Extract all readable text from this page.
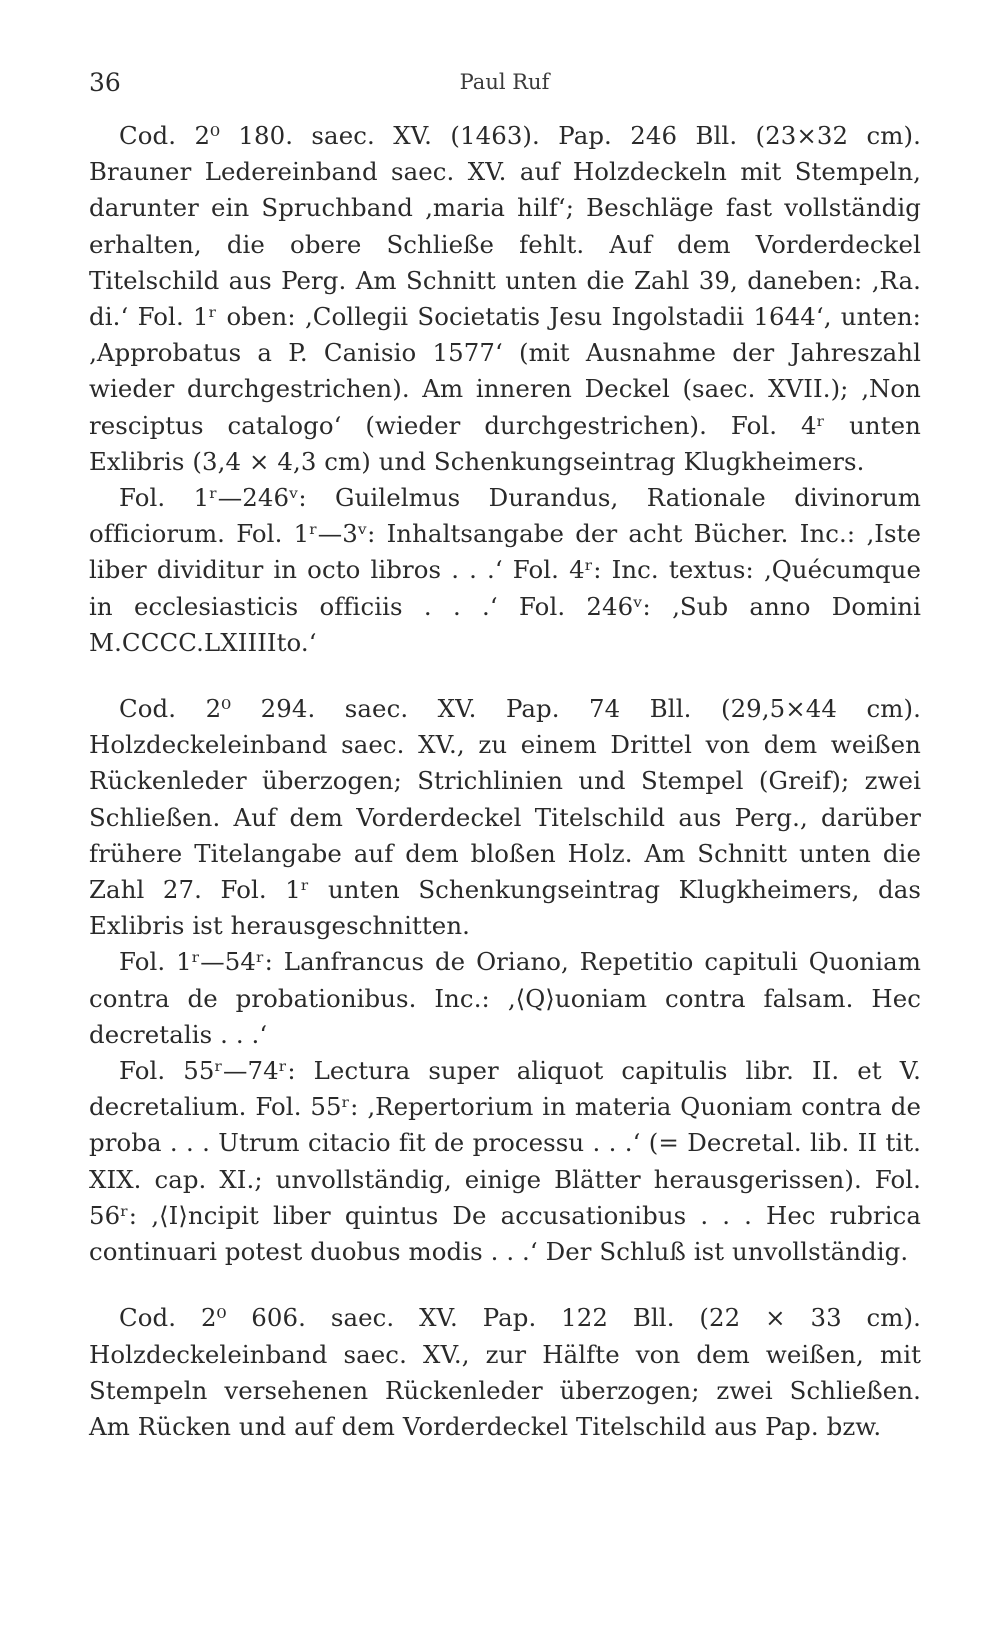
36	Paul Ruf

Cod. 2⁰ 180. saec. XV. (1463). Pap. 246 Bll. (23×32 cm). Brauner Ledereinband saec. XV. auf Holzdeckeln mit Stempeln, darunter ein Spruchband ‚maria hilf‘; Beschläge fast vollständig erhalten, die obere Schließe fehlt. Auf dem Vorderdeckel Titelschild aus Perg. Am Schnitt unten die Zahl 39, daneben: ‚Ra. di.‘ Fol. 1ʳ oben: ‚Collegii Societatis Jesu Ingolstadii 1644‘, unten: ‚Approbatus a P. Canisio 1577‘ (mit Ausnahme der Jahreszahl wieder durchgestrichen). Am inneren Deckel (saec. XVII.); ‚Non resciptus catalogo‘ (wieder durchgestrichen). Fol. 4ʳ unten Exlibris (3,4 × 4,3 cm) und Schenkungseintrag Klugkheimers.

Fol. 1ʳ—246ᵛ: Guilelmus Durandus, Rationale divinorum officiorum. Fol. 1ʳ—3ᵛ: Inhaltsangabe der acht Bücher. Inc.: ‚Iste liber dividitur in octo libros . . .‘ Fol. 4ʳ: Inc. textus: ‚Quécumque in ecclesiasticis officiis . . .‘ Fol. 246ᵛ: ‚Sub anno Domini M.CCCC.LXIIIIto.‘

Cod. 2⁰ 294. saec. XV. Pap. 74 Bll. (29,5×44 cm). Holzdeckeleinband saec. XV., zu einem Drittel von dem weißen Rückenleder überzogen; Strichlinien und Stempel (Greif); zwei Schließen. Auf dem Vorderdeckel Titelschild aus Perg., darüber frühere Titelangabe auf dem bloßen Holz. Am Schnitt unten die Zahl 27. Fol. 1ʳ unten Schenkungseintrag Klugkheimers, das Exlibris ist herausgeschnitten.

Fol. 1ʳ—54ʳ: Lanfrancus de Oriano, Repetitio capituli Quoniam contra de probationibus. Inc.: ‚⟨Q⟩uoniam contra falsam. Hec decretalis . . .‘

Fol. 55ʳ—74ʳ: Lectura super aliquot capitulis libr. II. et V. decretalium. Fol. 55ʳ: ‚Repertorium in materia Quoniam contra de proba . . . Utrum citacio fit de processu . . .‘ (= Decretal. lib. II tit. XIX. cap. XI.; unvollständig, einige Blätter herausgerissen). Fol. 56ʳ: ‚⟨I⟩ncipit liber quintus De accusationibus . . . Hec rubrica continuari potest duobus modis . . .‘ Der Schluß ist unvollständig.

Cod. 2⁰ 606. saec. XV. Pap. 122 Bll. (22 × 33 cm). Holzdeckeleinband saec. XV., zur Hälfte von dem weißen, mit Stempeln versehenen Rückenleder überzogen; zwei Schließen. Am Rücken und auf dem Vorderdeckel Titelschild aus Pap. bzw.
